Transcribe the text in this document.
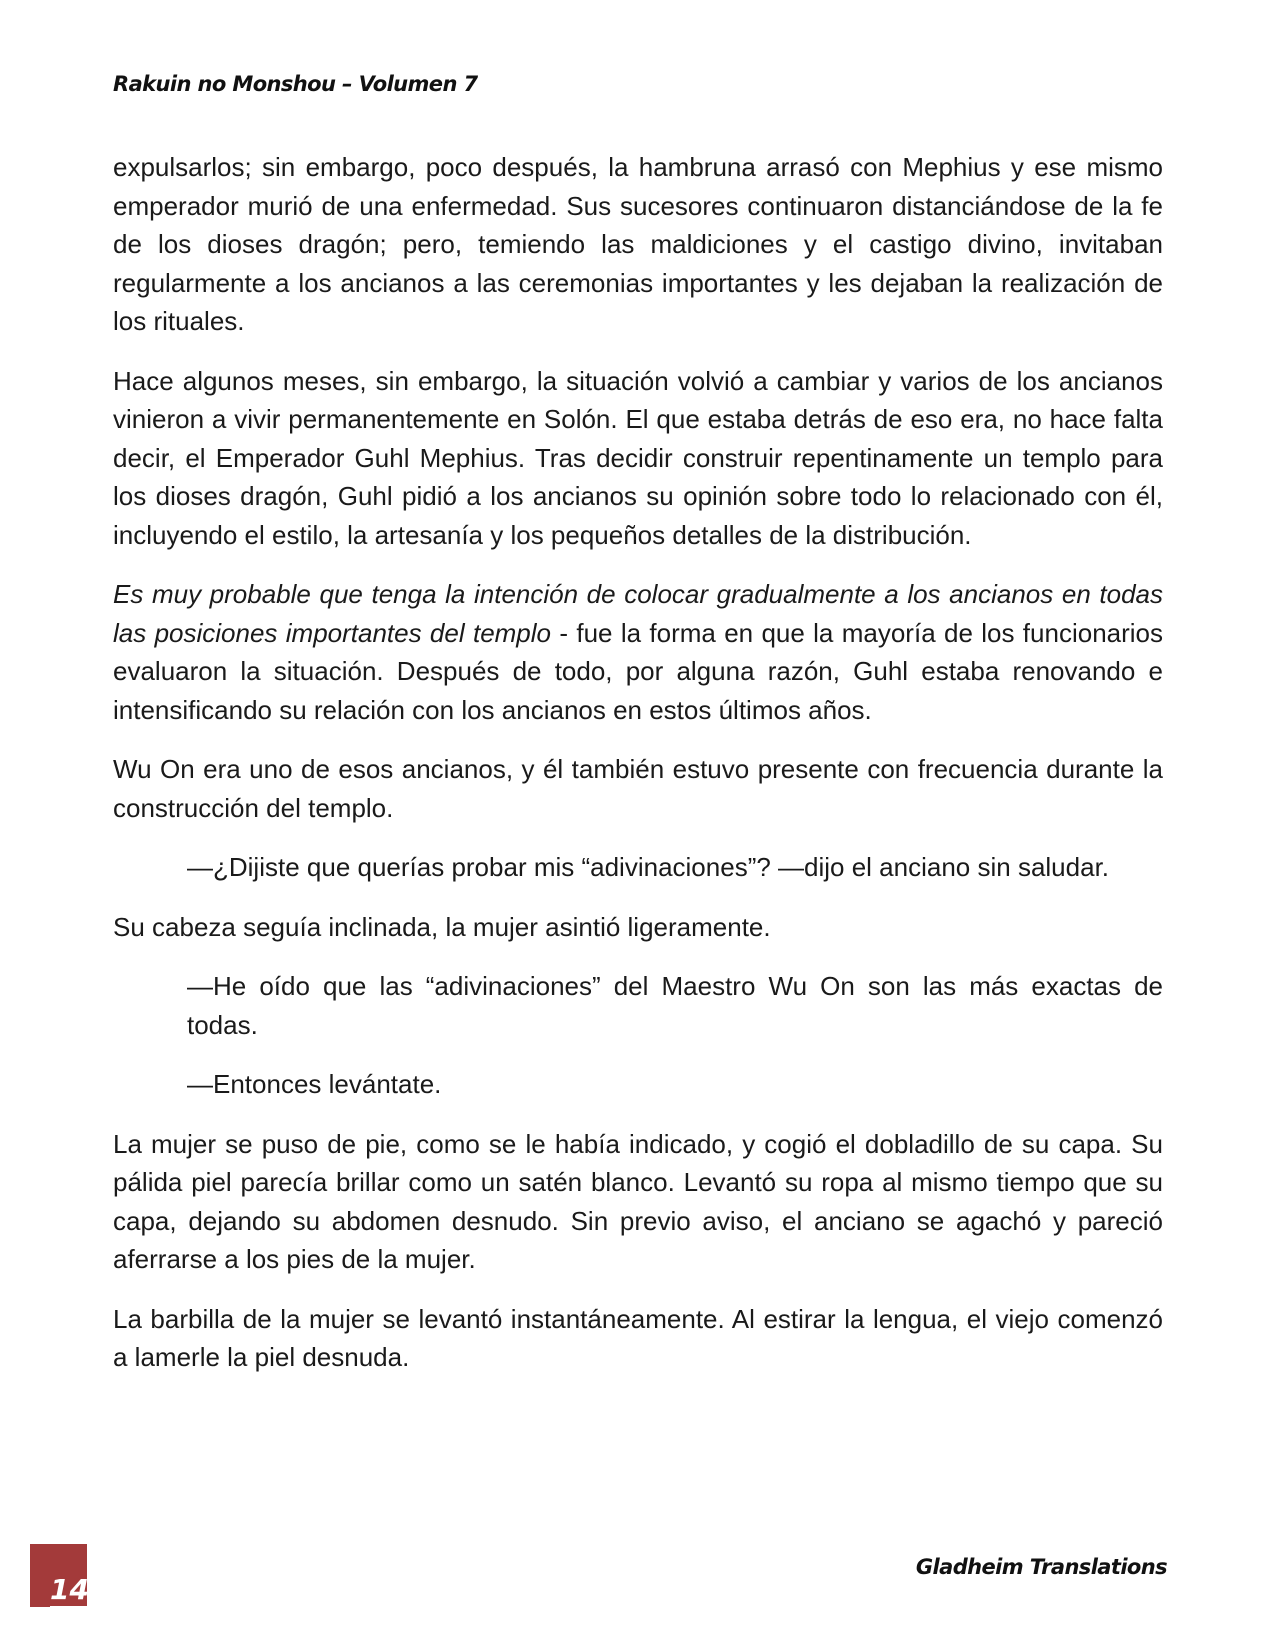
Rakuin no Monshou – Volumen 7

expulsarlos; sin embargo, poco después, la hambruna arrasó con Mephius y ese mismo emperador murió de una enfermedad. Sus sucesores continuaron distanciándose de la fe de los dioses dragón; pero, temiendo las maldiciones y el castigo divino, invitaban regularmente a los ancianos a las ceremonias importantes y les dejaban la realización de los rituales.

Hace algunos meses, sin embargo, la situación volvió a cambiar y varios de los ancianos vinieron a vivir permanentemente en Solón. El que estaba detrás de eso era, no hace falta decir, el Emperador Guhl Mephius. Tras decidir construir repentinamente un templo para los dioses dragón, Guhl pidió a los ancianos su opinión sobre todo lo relacionado con él, incluyendo el estilo, la artesanía y los pequeños detalles de la distribución.

Es muy probable que tenga la intención de colocar gradualmente a los ancianos en todas las posiciones importantes del templo - fue la forma en que la mayoría de los funcionarios evaluaron la situación. Después de todo, por alguna razón, Guhl estaba renovando e intensificando su relación con los ancianos en estos últimos años.

Wu On era uno de esos ancianos, y él también estuvo presente con frecuencia durante la construcción del templo.

—¿Dijiste que querías probar mis “adivinaciones”? —dijo el anciano sin saludar.

Su cabeza seguía inclinada, la mujer asintió ligeramente.

—He oído que las “adivinaciones” del Maestro Wu On son las más exactas de todas.

—Entonces levántate.

La mujer se puso de pie, como se le había indicado, y cogió el dobladillo de su capa. Su pálida piel parecía brillar como un satén blanco. Levantó su ropa al mismo tiempo que su capa, dejando su abdomen desnudo. Sin previo aviso, el anciano se agachó y pareció aferrarse a los pies de la mujer.

La barbilla de la mujer se levantó instantáneamente. Al estirar la lengua, el viejo comenzó a lamerle la piel desnuda.

14
Gladheim Translations
